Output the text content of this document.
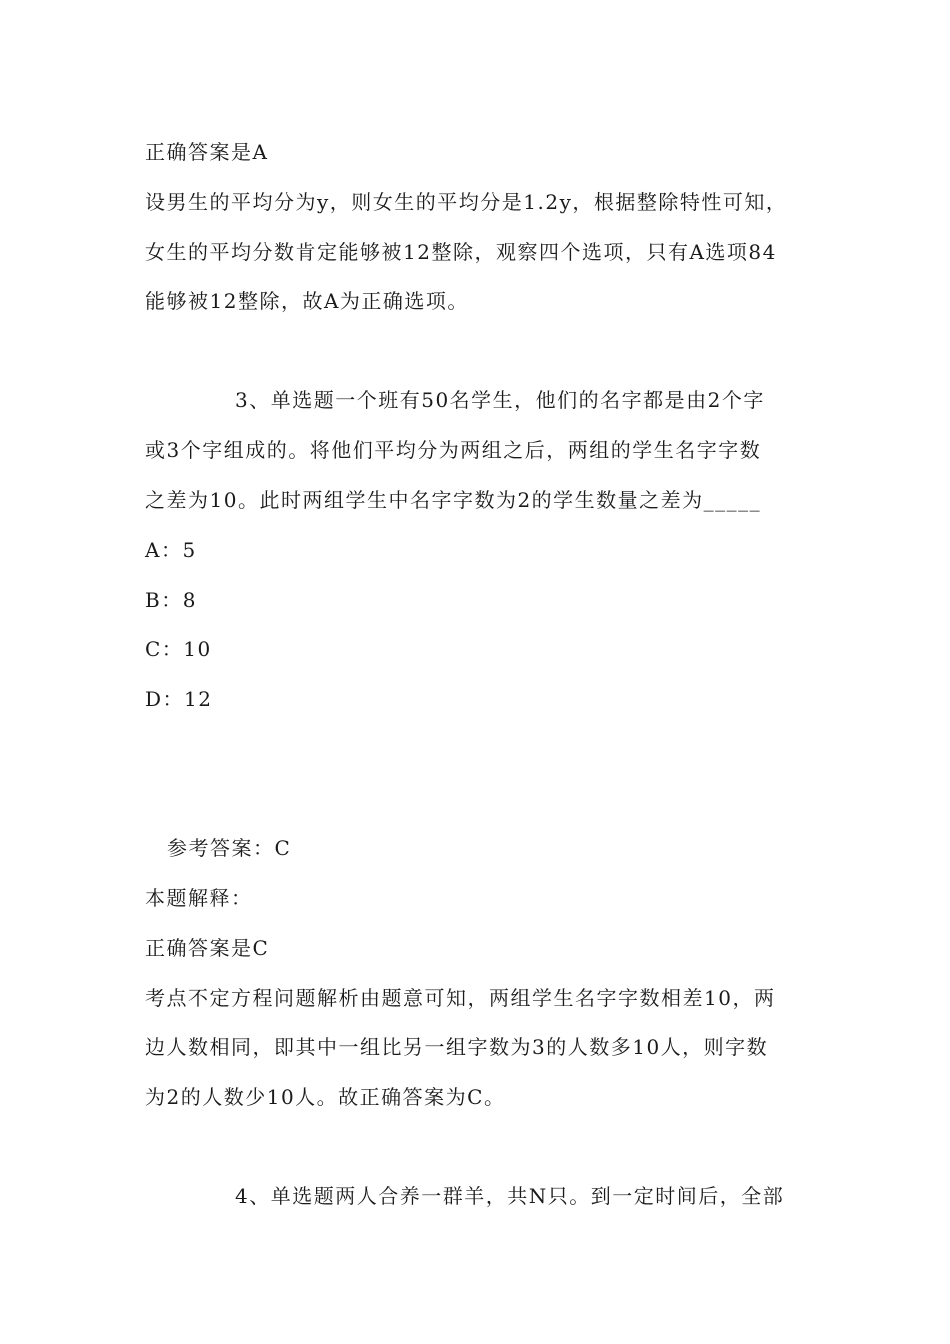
正确答案是A
设男生的平均分为y，则女生的平均分是1.2y，根据整除特性可知，
女生的平均分数肯定能够被12整除，观察四个选项，只有A选项84
能够被12整除，故A为正确选项。
3、单选题一个班有50名学生，他们的名字都是由2个字
或3个字组成的。将他们平均分为两组之后，两组的学生名字字数
之差为10。此时两组学生中名字字数为2的学生数量之差为_____
A：5
B：8
C：10
D：12
参考答案：C
本题解释：
正确答案是C
考点不定方程问题解析由题意可知，两组学生名字字数相差10，两
边人数相同，即其中一组比另一组字数为3的人数多10人，则字数
为2的人数少10人。故正确答案为C。
4、单选题两人合养一群羊，共N只。到一定时间后，全部
